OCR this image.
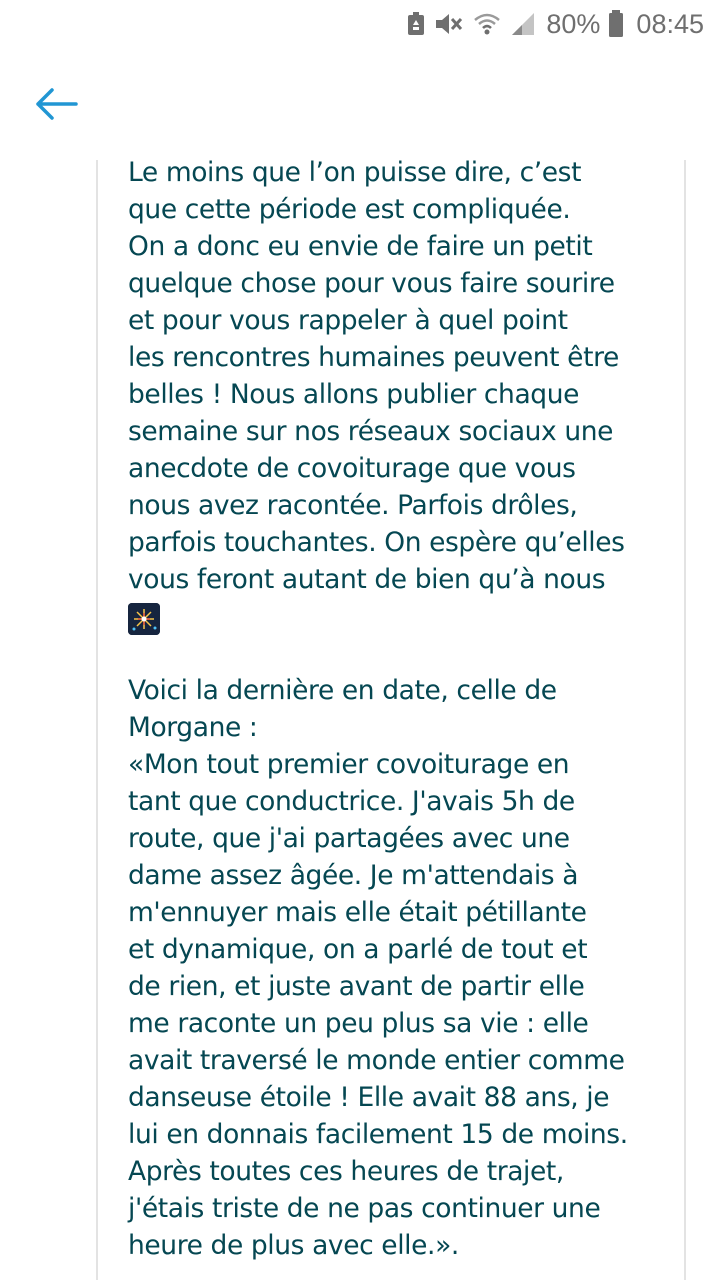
80% 08:45

Le moins que l’on puisse dire, c’est
que cette période est compliquée.
On a donc eu envie de faire un petit
quelque chose pour vous faire sourire
et pour vous rappeler à quel point
les rencontres humaines peuvent être
belles ! Nous allons publier chaque
semaine sur nos réseaux sociaux une
anecdote de covoiturage que vous
nous avez racontée. Parfois drôles,
parfois touchantes. On espère qu’elles
vous feront autant de bien qu’à nous

Voici la dernière en date, celle de
Morgane :
«Mon tout premier covoiturage en
tant que conductrice. J'avais 5h de
route, que j'ai partagées avec une
dame assez âgée. Je m'attendais à
m'ennuyer mais elle était pétillante
et dynamique, on a parlé de tout et
de rien, et juste avant de partir elle
me raconte un peu plus sa vie : elle
avait traversé le monde entier comme
danseuse étoile ! Elle avait 88 ans, je
lui en donnais facilement 15 de moins.
Après toutes ces heures de trajet,
j'étais triste de ne pas continuer une
heure de plus avec elle.».
